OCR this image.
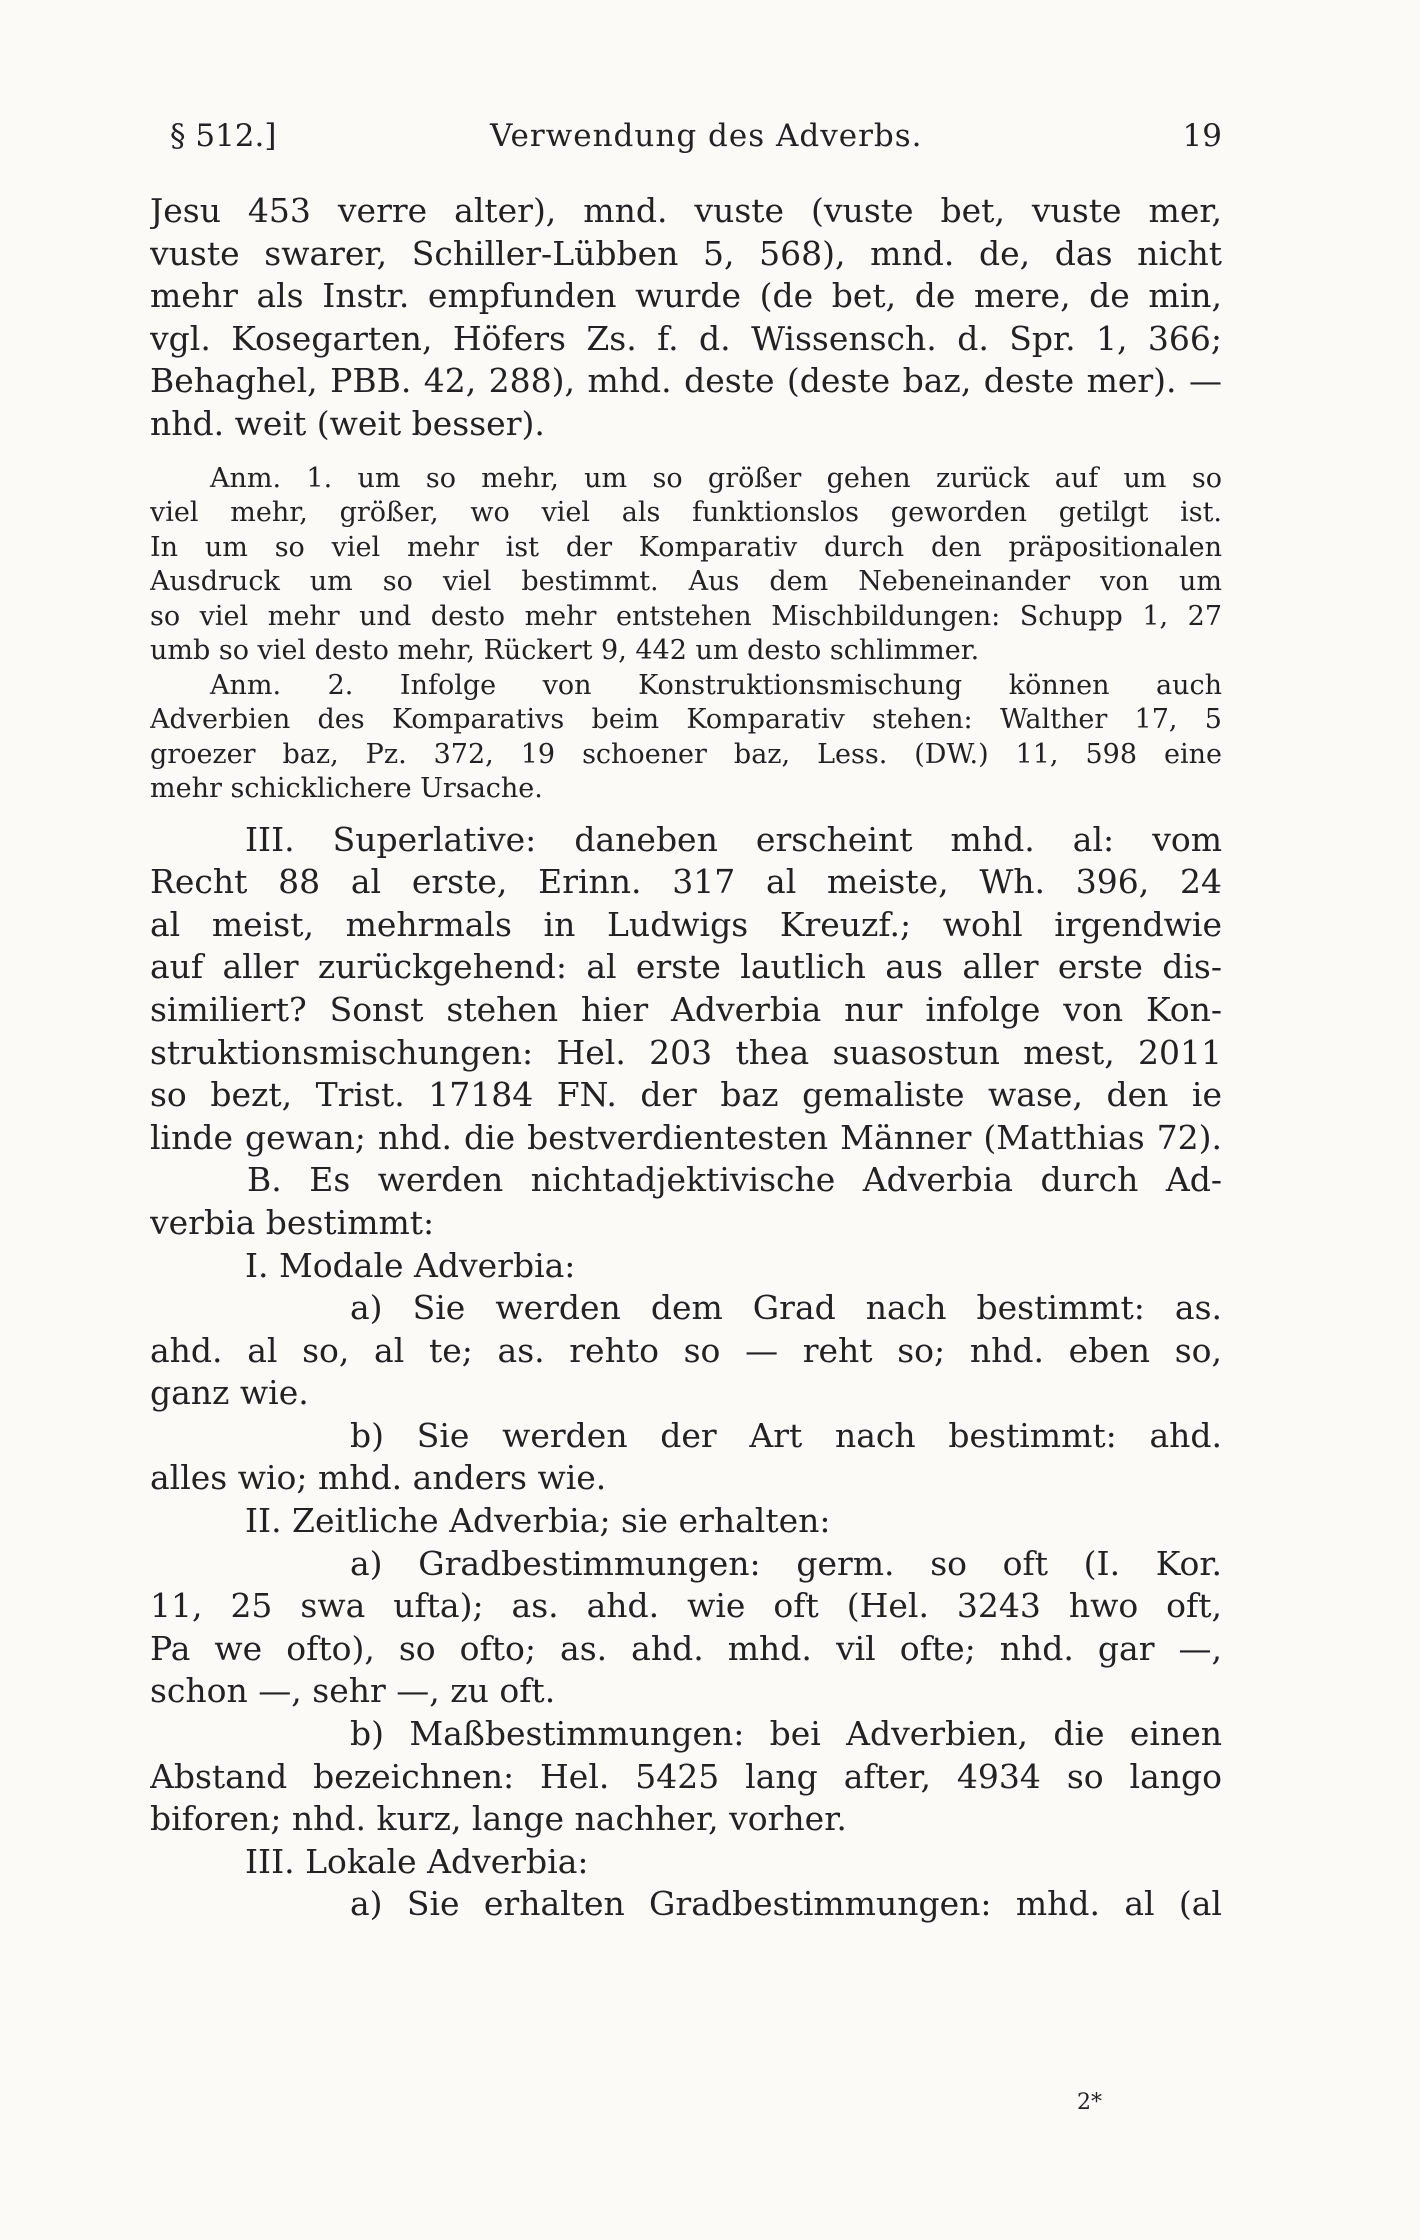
§ 512.]	Verwendung des Adverbs.	19
Jesu 453 verre alter), mnd. vuste (vuste bet, vuste mer,
vuste swarer, Schiller-Lübben 5, 568), mnd. de, das nicht
mehr als Instr. empfunden wurde (de bet, de mere, de min,
vgl. Kosegarten, Höfers Zs. f. d. Wissensch. d. Spr. 1, 366;
Behaghel, PBB. 42, 288), mhd. deste (deste baz, deste mer). —
nhd. weit (weit besser).
Anm. 1. um so mehr, um so größer gehen zurück auf um so
viel mehr, größer, wo viel als funktionslos geworden getilgt ist.
In um so viel mehr ist der Komparativ durch den präpositionalen
Ausdruck um so viel bestimmt. Aus dem Nebeneinander von um
so viel mehr und desto mehr entstehen Mischbildungen: Schupp 1, 27
umb so viel desto mehr, Rückert 9, 442 um desto schlimmer.
Anm. 2. Infolge von Konstruktionsmischung können auch
Adverbien des Komparativs beim Komparativ stehen: Walther 17, 5
groezer baz, Pz. 372, 19 schoener baz, Less. (DW.) 11, 598 eine
mehr schicklichere Ursache.
III. Superlative: daneben erscheint mhd. al: vom
Recht 88 al erste, Erinn. 317 al meiste, Wh. 396, 24
al meist, mehrmals in Ludwigs Kreuzf.; wohl irgendwie
auf aller zurückgehend: al erste lautlich aus aller erste dis-
similiert? Sonst stehen hier Adverbia nur infolge von Kon-
struktionsmischungen: Hel. 203 thea suasostun mest, 2011
so bezt, Trist. 17184 FN. der baz gemaliste wase, den ie
linde gewan; nhd. die bestverdientesten Männer (Matthias 72).
B. Es werden nichtadjektivische Adverbia durch Ad-
verbia bestimmt:
I. Modale Adverbia:
a) Sie werden dem Grad nach bestimmt: as.
ahd. al so, al te; as. rehto so — reht so; nhd. eben so,
ganz wie.
b) Sie werden der Art nach bestimmt: ahd.
alles wio; mhd. anders wie.
II. Zeitliche Adverbia; sie erhalten:
a) Gradbestimmungen: germ. so oft (I. Kor.
11, 25 swa ufta); as. ahd. wie oft (Hel. 3243 hwo oft,
Pa we ofto), so ofto; as. ahd. mhd. vil ofte; nhd. gar —,
schon —, sehr —, zu oft.
b) Maßbestimmungen: bei Adverbien, die einen
Abstand bezeichnen: Hel. 5425 lang after, 4934 so lango
biforen; nhd. kurz, lange nachher, vorher.
III. Lokale Adverbia:
a) Sie erhalten Gradbestimmungen: mhd. al (al
2*
